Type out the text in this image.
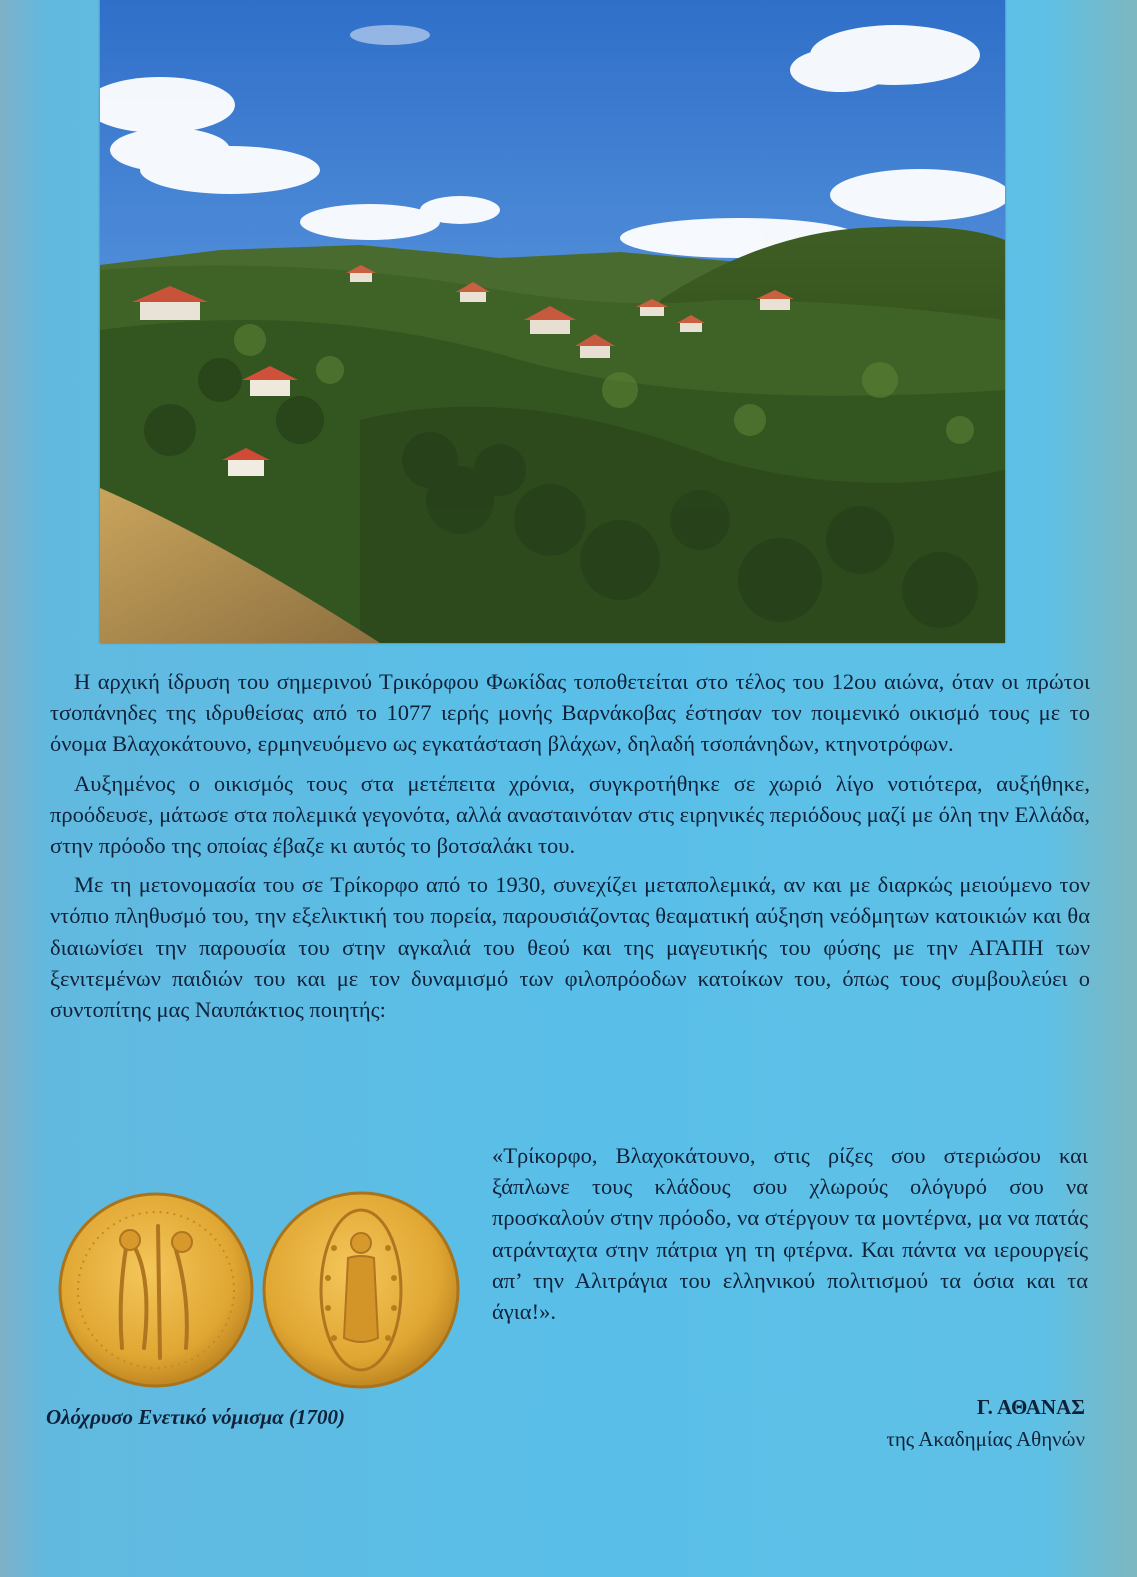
Η αρχική ίδρυση του σημερινού Τρικόρφου Φωκίδας τοποθετείται στο τέλος του 12ου αιώνα, όταν οι πρώτοι τσοπάνηδες της ιδρυθείσας από το 1077 ιερής μονής Βαρνάκοβας έστησαν τον ποιμενικό οικισμό τους με το όνομα Βλαχοκάτουνο, ερμηνευόμενο ως εγκατάσταση βλάχων, δηλαδή τσοπάνηδων, κτηνοτρόφων.

Αυξημένος ο οικισμός τους στα μετέπειτα χρόνια, συγκροτήθηκε σε χωριό λίγο νοτιότερα, αυξήθηκε, προόδευσε, μάτωσε στα πολεμικά γεγονότα, αλλά ανασταινόταν στις ειρηνικές περιόδους μαζί με όλη την Ελλάδα, στην πρόοδο της οποίας έβαζε κι αυτός το βοτσαλάκι του.

Με τη μετονομασία του σε Τρίκορφο από το 1930, συνεχίζει μεταπολεμικά, αν και με διαρκώς μειούμενο τον ντόπιο πληθυσμό του, την εξελικτική του πορεία, παρουσιάζοντας θεαματική αύξηση νεόδμητων κατοικιών και θα διαιωνίσει την παρουσία του στην αγκαλιά του θεού και της μαγευτικής του φύσης με την ΑΓΑΠΗ των ξενιτεμένων παιδιών του και με τον δυναμισμό των φιλοπρόοδων κατοίκων του, όπως τους συμβουλεύει ο συντοπίτης μας Ναυπάκτιος ποιητής:

Ολόχρυσο Ενετικό νόμισμα (1700)
«Τρίκορφο, Βλαχοκάτουνο, στις ρίζες σου στεριώσου και ξάπλωνε τους κλάδους σου χλωρούς ολόγυρό σου να προσκαλούν στην πρόοδο, να στέργουν τα μοντέρνα, μα να πατάς ατράνταχτα στην πάτρια γη τη φτέρνα. Και πάντα να ιερουργείς απ’ την Αλιτράγια του ελληνικού πολιτισμού τα όσια και τα άγια!».
Γ. ΑΘΑΝΑΣ
της Ακαδημίας Αθηνών
